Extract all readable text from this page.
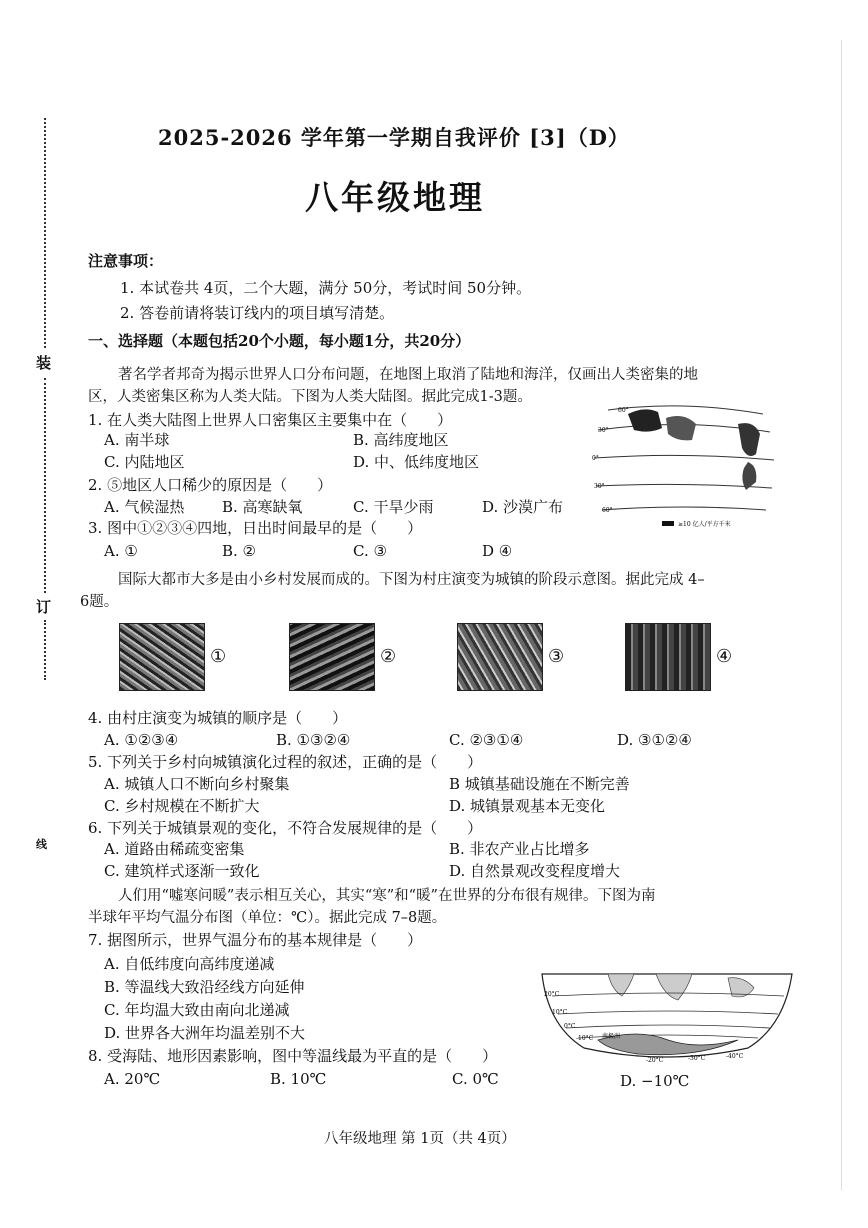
装
订
线
2025-2026 学年第一学期自我评价 [3]（D）
八年级地理
注意事项：
1. 本试卷共 4页，二个大题，满分 50分，考试时间 50分钟。
2. 答卷前请将装订线内的项目填写清楚。
一、选择题（本题包括20个小题，每小题1分，共20分）
著名学者邦奇为揭示世界人口分布问题，在地图上取消了陆地和海洋，仅画出人类密集的地
区，人类密集区称为人类大陆。下图为人类大陆图。据此完成1-3题。
60°
30°
0°
30°
60°
≥10 亿人/平方千米
1. 在人类大陆图上世界人口密集区主要集中在（　　）
A. 南半球	B. 高纬度地区
C. 内陆地区	D. 中、低纬度地区
2. ⑤地区人口稀少的原因是（　　）
A. 气候湿热	B. 高寒缺氧	C. 干旱少雨	D. 沙漠广布
3. 图中①②③④四地，日出时间最早的是（　　）
A. ①	B. ②	C. ③	D ④
国际大都市大多是由小乡村发展而成的。下图为村庄演变为城镇的阶段示意图。据此完成 4–
6题。
①	②	③	④
4. 由村庄演变为城镇的顺序是（　　）
A. ①②③④	B. ①③②④	C. ②③①④	D. ③①②④
5. 下列关于乡村向城镇演化过程的叙述，正确的是（　　）
A. 城镇人口不断向乡村聚集	B 城镇基础设施在不断完善
C. 乡村规模在不断扩大	D. 城镇景观基本无变化
6. 下列关于城镇景观的变化，不符合发展规律的是（　　）
A. 道路由稀疏变密集	B. 非农产业占比增多
C. 建筑样式逐渐一致化	D. 自然景观改变程度增大
人们用“嘘寒问暖”表示相互关心，其实“寒”和“暖”在世界的分布很有规律。下图为南
半球年平均气温分布图（单位：℃）。据此完成 7–8题。
7. 据图所示，世界气温分布的基本规律是（　　）
A. 自低纬度向高纬度递减
B. 等温线大致沿经线方向延伸
C. 年均温大致由南向北递减
D. 世界各大洲年均温差别不大
20°C
10°C
0°C
-10°C
-20°C	-30°C	-40°C
南极洲
8. 受海陆、地形因素影响，图中等温线最为平直的是（　　）
A. 20℃	B. 10℃	C. 0℃	D. −10℃
八年级地理 第 1页（共 4页）
